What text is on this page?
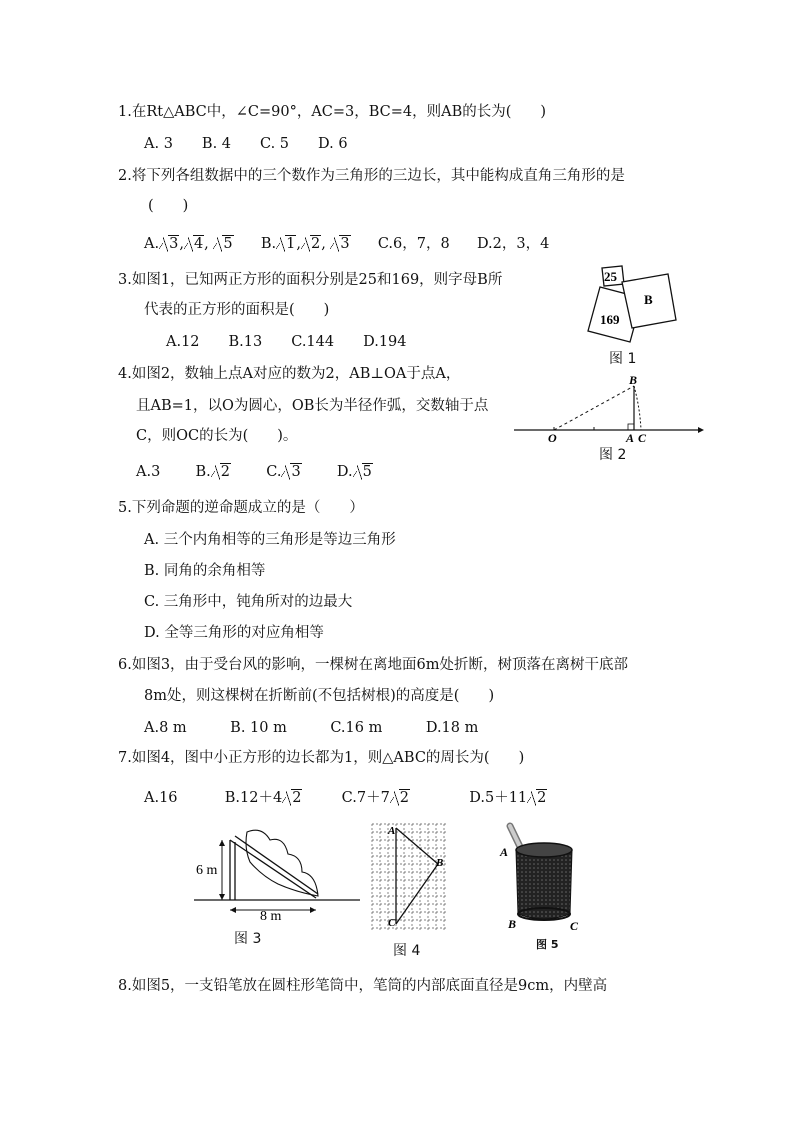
1.在Rt△ABC中，∠C=90°，AC=3，BC=4，则AB的长为(　　)
A. 3　　B. 4　　C. 5　　D. 6
2.将下列各组数据中的三个数作为三角形的三边长，其中能构成直角三角形的是
(　　)
A. 3, 4, 5 B. 1, 2, 3 C.6，7，8 D.2，3，4
3.如图1，已知两正方形的面积分别是25和169，则字母B所
代表的正方形的面积是(　　)
A.12　　B.13　　C.144　　D.194
25
169
B
图 1
4.如图2，数轴上点A对应的数为2，AB⊥OA于点A，
且AB=1，以O为圆心，OB长为半径作弧，交数轴于点
C，则OC的长为(　　)。
A.3 B. 2 C. 3 D. 5
O	A C
B
图 2
5.下列命题的逆命题成立的是（　　）
A. 三个内角相等的三角形是等边三角形
B. 同角的余角相等
C. 三角形中，钝角所对的边最大
D. 全等三角形的对应角相等
6.如图3，由于受台风的影响，一棵树在离地面6m处折断，树顶落在离树干底部
8m处，则这棵树在折断前(不包括树根)的高度是(　　)
A.8 m　　　B. 10 m　　　C.16 m　　　D.18 m
7.如图4，图中小正方形的边长都为1，则△ABC的周长为(　　)
A.16	B.12＋4 2	C.7＋7 2	D.5＋11 2
6 m
8 m
图 3
A
B
C
图 4
A
B	C
图 5
8.如图5，一支铅笔放在圆柱形笔筒中，笔筒的内部底面直径是9cm，内壁高
